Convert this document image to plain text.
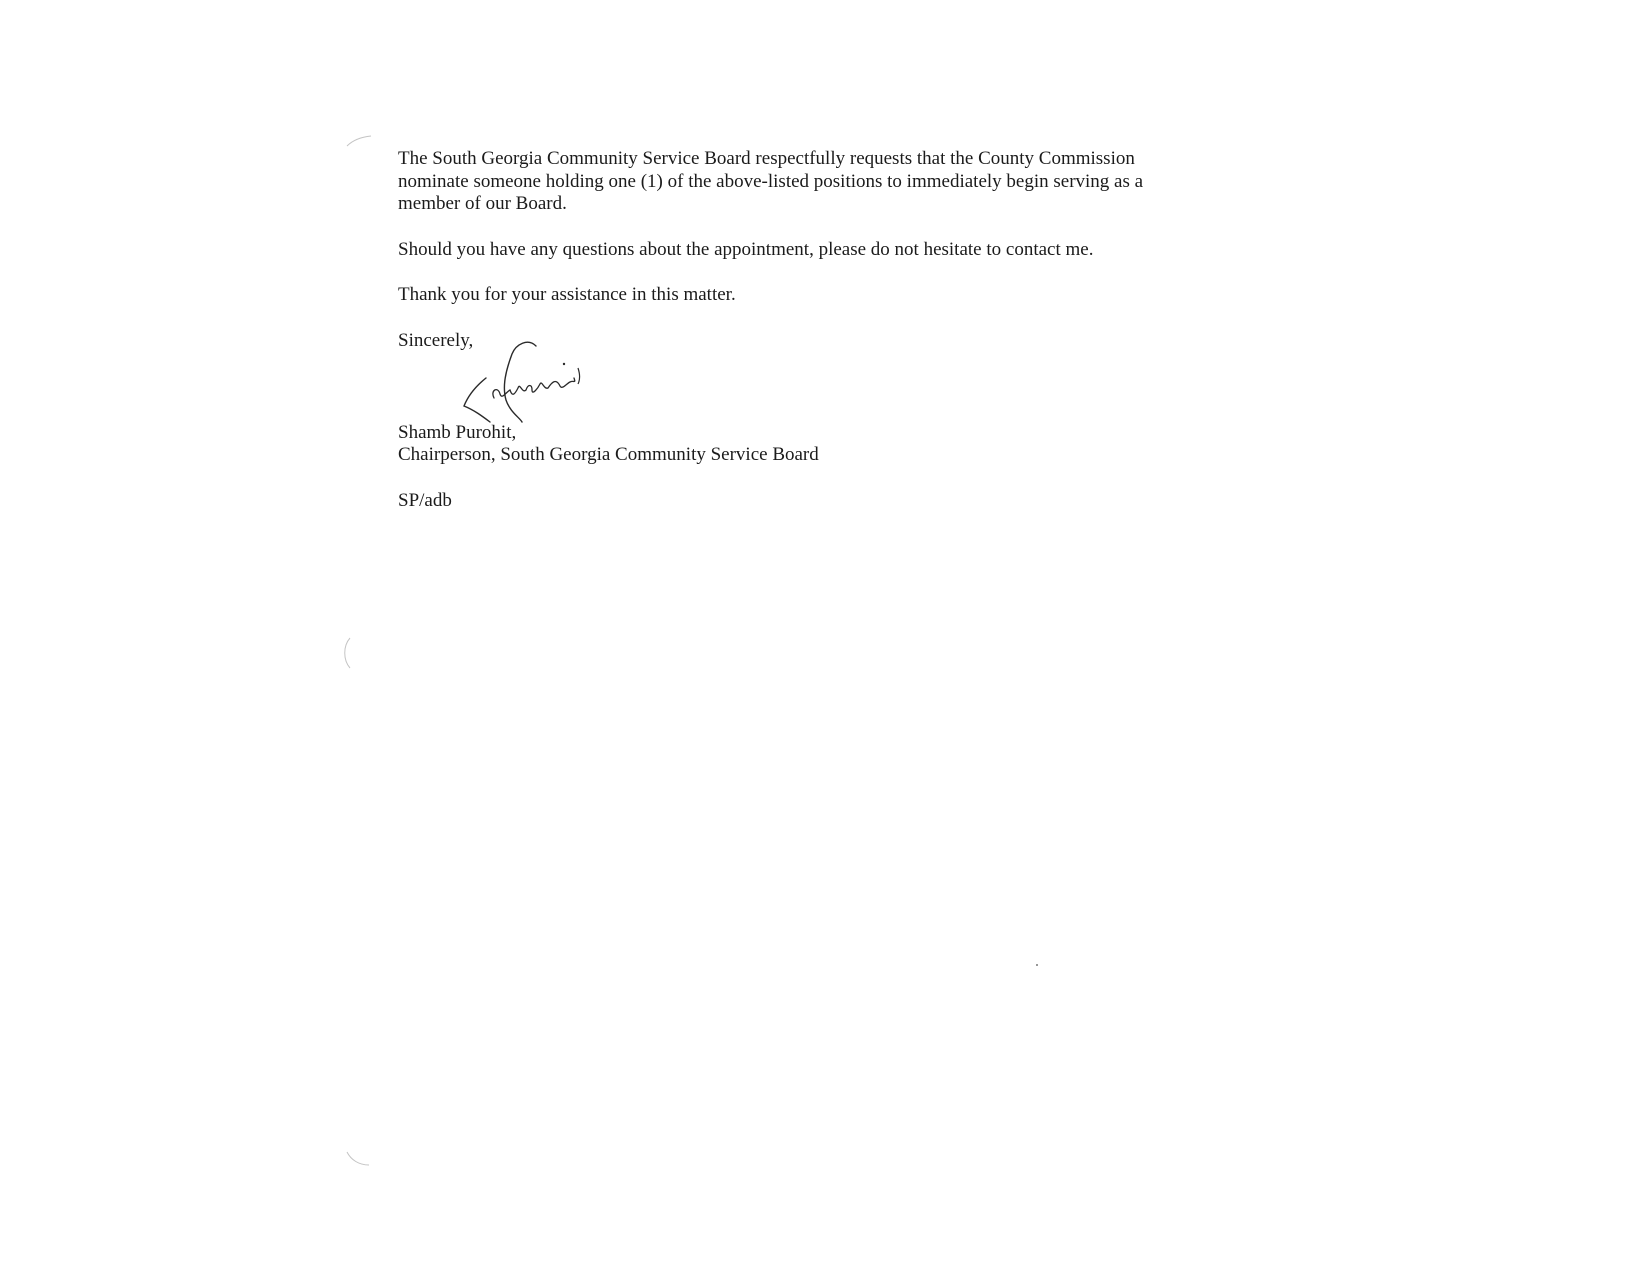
The South Georgia Community Service Board respectfully requests that the County Commission nominate someone holding one (1) of the above-listed positions to immediately begin serving as a member of our Board.

Should you have any questions about the appointment, please do not hesitate to contact me.

Thank you for your assistance in this matter.

Sincerely,
Shamb Purohit,
Chairperson, South Georgia Community Service Board
SP/adb
